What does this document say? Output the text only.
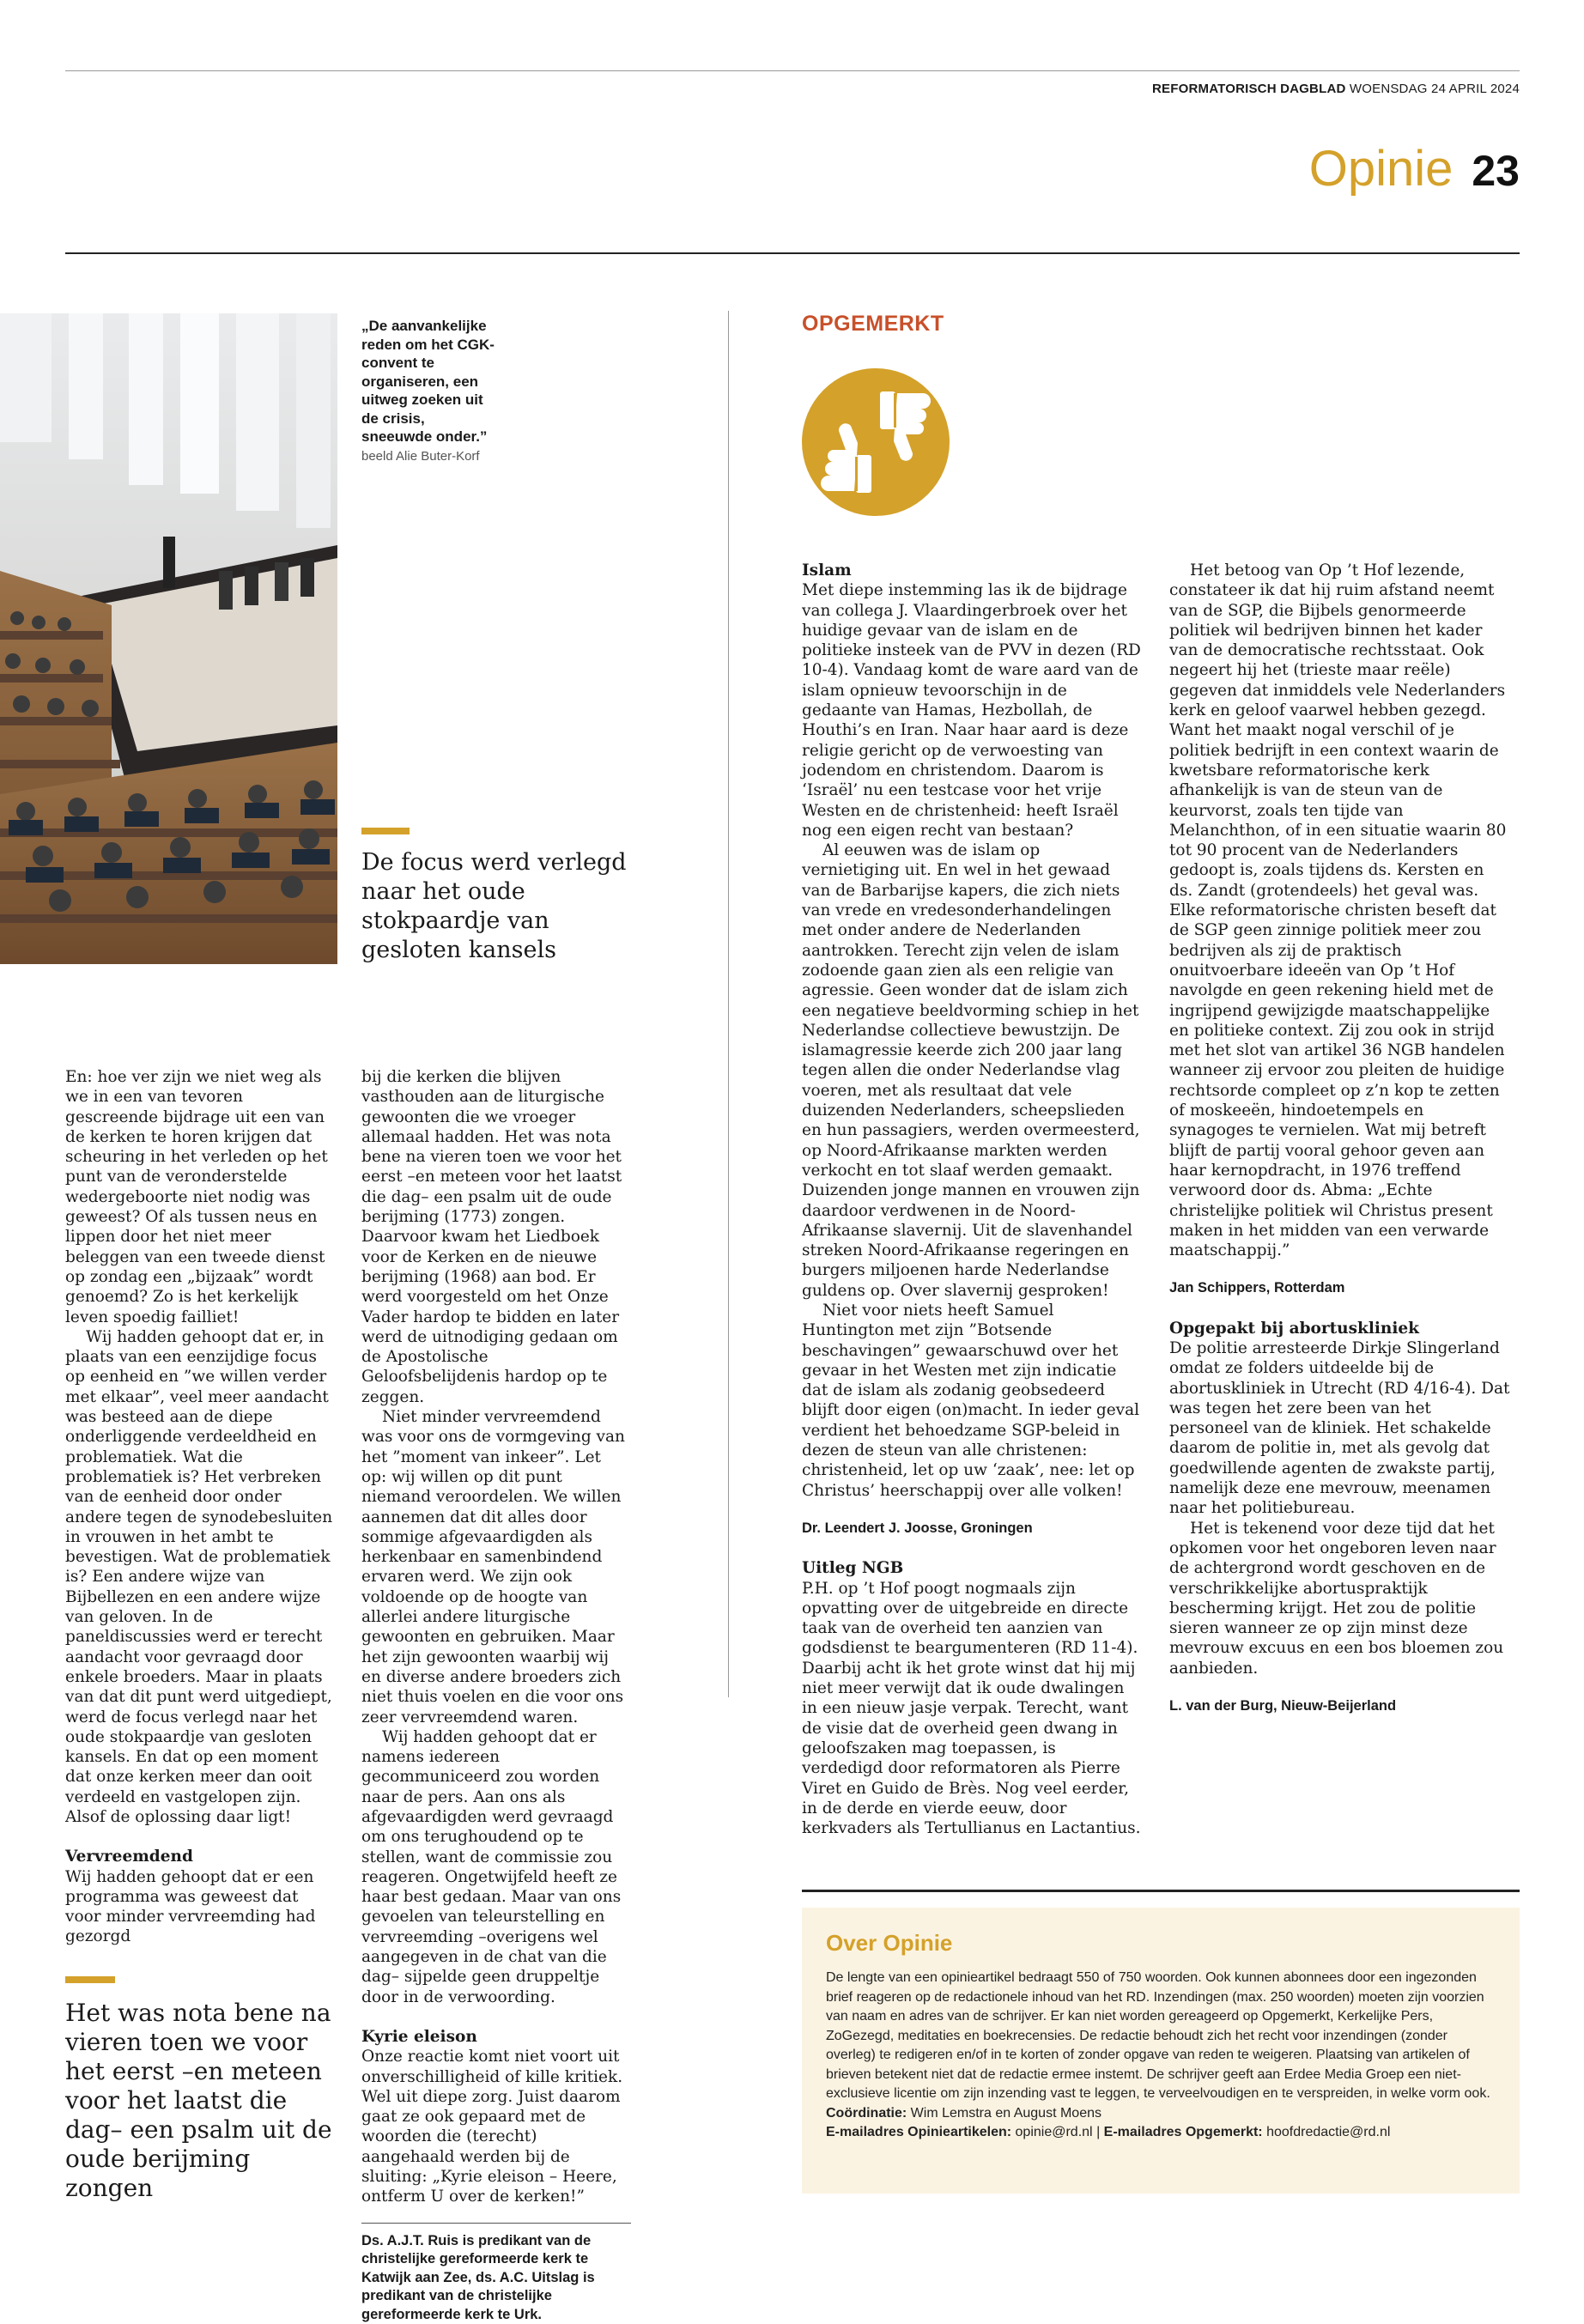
REFORMATORISCH DAGBLAD WOENSDAG 24 APRIL 2024
Opinie 23
„De aanvankelijke reden om het CGK-convent te organiseren, een uitweg zoeken uit de crisis, sneeuwde onder.” beeld Alie Buter-Korf
De focus werd verlegd naar het oude stokpaardje van gesloten kansels

En: hoe ver zijn we niet weg als we in een van tevoren gescreende bijdrage uit een van de kerken te horen krijgen dat scheuring in het verleden op het punt van de veronderstelde wedergeboorte niet nodig was geweest? Of als tussen neus en lippen door het niet meer beleggen van een tweede dienst op zondag een „bijzaak” wordt genoemd? Zo is het kerkelijk leven spoedig failliet!

Wij hadden gehoopt dat er, in plaats van een eenzijdige focus op eenheid en ”we willen verder met elkaar”, veel meer aandacht was besteed aan de diepe onderliggende verdeeldheid en problematiek. Wat die problematiek is? Het verbreken van de eenheid door onder andere tegen de synodebesluiten in vrouwen in het ambt te bevestigen. Wat de problematiek is? Een andere wijze van Bijbellezen en een andere wijze van geloven. In de paneldiscussies werd er terecht aandacht voor gevraagd door enkele broeders. Maar in plaats van dat dit punt werd uitgediept, werd de focus verlegd naar het oude stokpaardje van gesloten kansels. En dat op een moment dat onze kerken meer dan ooit verdeeld en vastgelopen zijn. Alsof de oplossing daar ligt!

Vervreemdend

Wij hadden gehoopt dat er een programma was geweest dat voor minder vervreemding had gezorgd

Het was nota bene na vieren toen we voor het eerst –en meteen voor het laatst die dag– een psalm uit de oude berijming zongen

bij die kerken die blijven vasthouden aan de liturgische gewoonten die we vroeger allemaal hadden. Het was nota bene na vieren toen we voor het eerst –en meteen voor het laatst die dag– een psalm uit de oude berijming (1773) zongen. Daarvoor kwam het Liedboek voor de Kerken en de nieuwe berijming (1968) aan bod. Er werd voorgesteld om het Onze Vader hardop te bidden en later werd de uitnodiging gedaan om de Apostolische Geloofsbelijdenis hardop op te zeggen.

Niet minder vervreemdend was voor ons de vormgeving van het ”moment van inkeer”. Let op: wij willen op dit punt niemand veroordelen. We willen aannemen dat dit alles door sommige afgevaardigden als herkenbaar en samenbindend ervaren werd. We zijn ook voldoende op de hoogte van allerlei andere liturgische gewoonten en gebruiken. Maar het zijn gewoonten waarbij wij en diverse andere broeders zich niet thuis voelen en die voor ons zeer vervreemdend waren.

Wij hadden gehoopt dat er namens iedereen gecommuniceerd zou worden naar de pers. Aan ons als afgevaardigden werd gevraagd om ons terughoudend op te stellen, want de commissie zou reageren. Ongetwijfeld heeft ze haar best gedaan. Maar van ons gevoelen van teleurstelling en vervreemding –overigens wel aangegeven in de chat van die dag– sijpelde geen druppeltje door in de verwoording.

Kyrie eleison

Onze reactie komt niet voort uit onverschilligheid of kille kritiek. Wel uit diepe zorg. Juist daarom gaat ze ook gepaard met de woorden die (terecht) aangehaald werden bij de sluiting: „Kyrie eleison – Heere, ontferm U over de kerken!”

Ds. A.J.T. Ruis is predikant van de christelijke gereformeerde kerk te Katwijk aan Zee, ds. A.C. Uitslag is predikant van de christelijke gereformeerde kerk te Urk.

OPGEMERKT

Islam

Met diepe instemming las ik de bijdrage van collega J. Vlaardingerbroek over het huidige gevaar van de islam en de politieke insteek van de PVV in dezen (RD 10-4). Vandaag komt de ware aard van de islam opnieuw tevoorschijn in de gedaante van Hamas, Hezbollah, de Houthi’s en Iran. Naar haar aard is deze religie gericht op de verwoesting van jodendom en christendom. Daarom is ‘Israël’ nu een testcase voor het vrije Westen en de christenheid: heeft Israël nog een eigen recht van bestaan?

Al eeuwen was de islam op vernietiging uit. En wel in het gewaad van de Barbarijse kapers, die zich niets van vrede en vredesonderhandelingen met onder andere de Nederlanden aantrokken. Terecht zijn velen de islam zodoende gaan zien als een religie van agressie. Geen wonder dat de islam zich een negatieve beeldvorming schiep in het Nederlandse collectieve bewustzijn. De islamagressie keerde zich 200 jaar lang tegen allen die onder Nederlandse vlag voeren, met als resultaat dat vele duizenden Nederlanders, scheepslieden en hun passagiers, werden overmeesterd, op Noord-Afrikaanse markten werden verkocht en tot slaaf werden gemaakt. Duizenden jonge mannen en vrouwen zijn daardoor verdwenen in de Noord-Afrikaanse slavernij. Uit de slavenhandel streken Noord-Afrikaanse regeringen en burgers miljoenen harde Nederlandse guldens op. Over slavernij gesproken!

Niet voor niets heeft Samuel Huntington met zijn ”Botsende beschavingen” gewaarschuwd over het gevaar in het Westen met zijn indicatie dat de islam als zodanig geobsedeerd blijft door eigen (on)macht. In ieder geval verdient het behoedzame SGP-beleid in dezen de steun van alle christenen: christenheid, let op uw ‘zaak’, nee: let op Christus’ heerschappij over alle volken!

Dr. Leendert J. Joosse, Groningen

Uitleg NGB

P.H. op ’t Hof poogt nogmaals zijn opvatting over de uitgebreide en directe taak van de overheid ten aanzien van godsdienst te beargumenteren (RD 11-4). Daarbij acht ik het grote winst dat hij mij niet meer verwijt dat ik oude dwalingen in een nieuw jasje verpak. Terecht, want de visie dat de overheid geen dwang in geloofszaken mag toepassen, is verdedigd door reformatoren als Pierre Viret en Guido de Brès. Nog veel eerder, in de derde en vierde eeuw, door kerkvaders als Tertullianus en Lactantius.

Het betoog van Op ’t Hof lezende, constateer ik dat hij ruim afstand neemt van de SGP, die Bijbels genormeerde politiek wil bedrijven binnen het kader van de democratische rechtsstaat. Ook negeert hij het (trieste maar reële) gegeven dat inmiddels vele Nederlanders kerk en geloof vaarwel hebben gezegd. Want het maakt nogal verschil of je politiek bedrijft in een context waarin de kwetsbare reformatorische kerk afhankelijk is van de steun van de keurvorst, zoals ten tijde van Melanchthon, of in een situatie waarin 80 tot 90 procent van de Nederlanders gedoopt is, zoals tijdens ds. Kersten en ds. Zandt (grotendeels) het geval was. Elke reformatorische christen beseft dat de SGP geen zinnige politiek meer zou bedrijven als zij de praktisch onuitvoerbare ideeën van Op ’t Hof navolgde en geen rekening hield met de ingrijpend gewijzigde maatschappelijke en politieke context. Zij zou ook in strijd met het slot van artikel 36 NGB handelen wanneer zij ervoor zou pleiten de huidige rechtsorde compleet op z’n kop te zetten of moskeeën, hindoetempels en synagoges te vernielen. Wat mij betreft blijft de partij vooral gehoor geven aan haar kernopdracht, in 1976 treffend verwoord door ds. Abma: „Echte christelijke politiek wil Christus present maken in het midden van een verwarde maatschappij.”

Jan Schippers, Rotterdam

Opgepakt bij abortuskliniek

De politie arresteerde Dirkje Slingerland omdat ze folders uitdeelde bij de abortuskliniek in Utrecht (RD 4/16-4). Dat was tegen het zere been van het personeel van de kliniek. Het schakelde daarom de politie in, met als gevolg dat goedwillende agenten de zwakste partij, namelijk deze ene mevrouw, meenamen naar het politiebureau.

Het is tekenend voor deze tijd dat het opkomen voor het ongeboren leven naar de achtergrond wordt geschoven en de verschrikkelijke abortuspraktijk bescherming krijgt. Het zou de politie sieren wanneer ze op zijn minst deze mevrouw excuus en een bos bloemen zou aanbieden.

L. van der Burg, Nieuw-Beijerland

Over Opinie
De lengte van een opinieartikel bedraagt 550 of 750 woorden. Ook kunnen abonnees door een ingezonden brief reageren op de redactionele inhoud van het RD. Inzendingen (max. 250 woorden) moeten zijn voorzien van naam en adres van de schrijver. Er kan niet worden gereageerd op Opgemerkt, Kerkelijke Pers, ZoGezegd, meditaties en boekrecensies. De redactie behoudt zich het recht voor inzendingen (zonder overleg) te redigeren en/of in te korten of zonder opgave van reden te weigeren. Plaatsing van artikelen of brieven betekent niet dat de redactie ermee instemt. De schrijver geeft aan Erdee Media Groep een niet-exclusieve licentie om zijn inzending vast te leggen, te verveelvoudigen en te verspreiden, in welke vorm ook.
Coördinatie: Wim Lemstra en August Moens
E-mailadres Opinieartikelen: opinie@rd.nl | E-mailadres Opgemerkt: hoofdredactie@rd.nl
